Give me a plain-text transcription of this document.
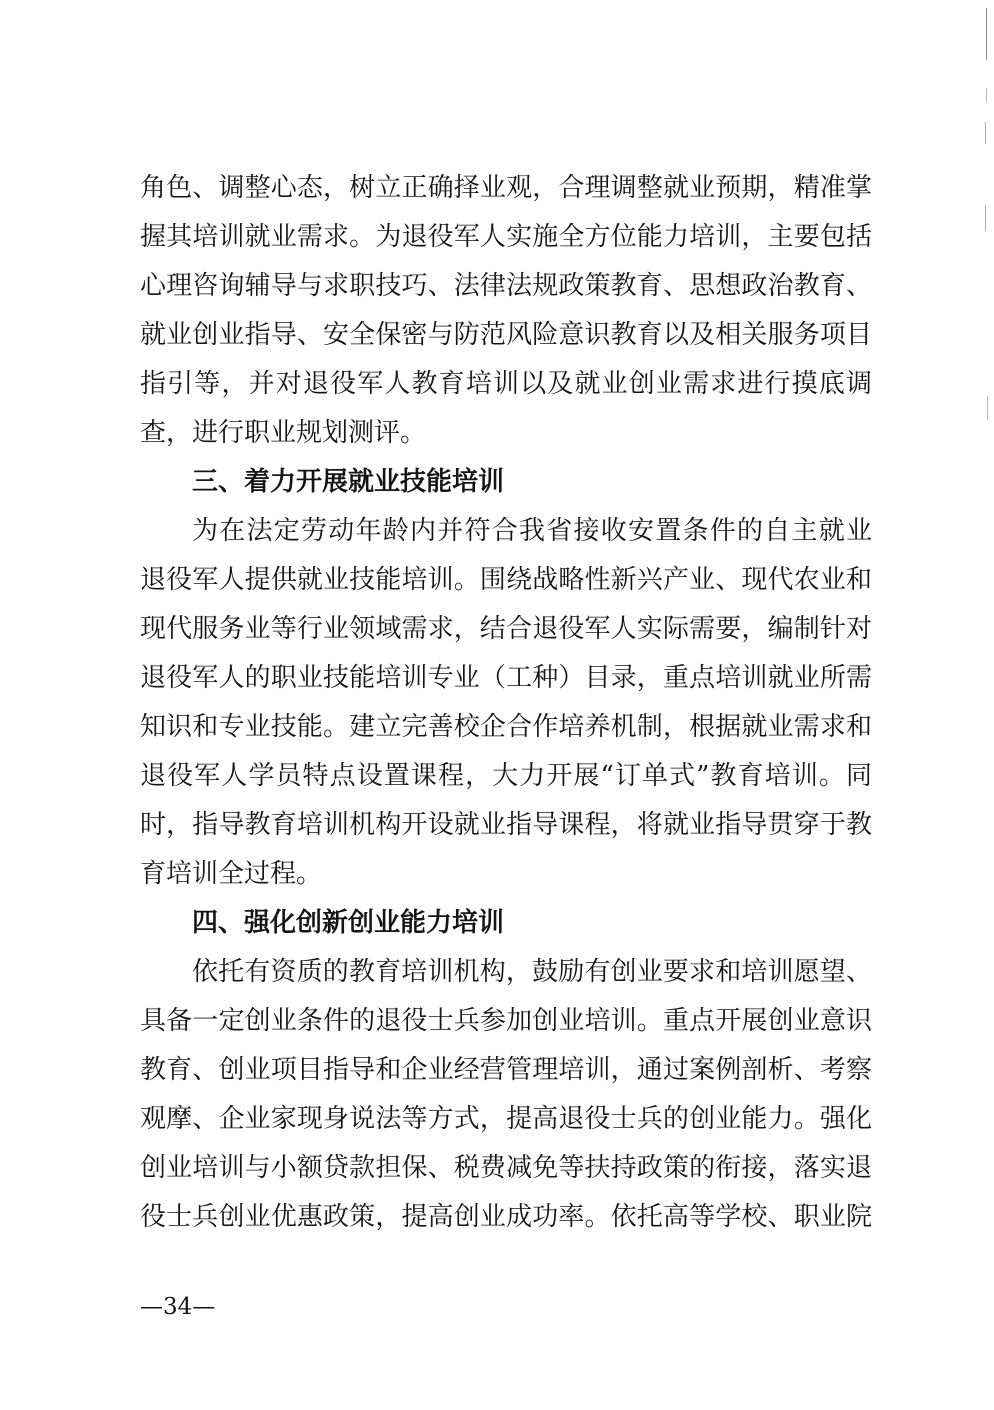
角色、调整心态，树立正确择业观，合理调整就业预期，精准掌
握其培训就业需求。为退役军人实施全方位能力培训，主要包括
心理咨询辅导与求职技巧、法律法规政策教育、思想政治教育、
就业创业指导、安全保密与防范风险意识教育以及相关服务项目
指引等，并对退役军人教育培训以及就业创业需求进行摸底调
查，进行职业规划测评。
三、着力开展就业技能培训
为在法定劳动年龄内并符合我省接收安置条件的自主就业
退役军人提供就业技能培训。围绕战略性新兴产业、现代农业和
现代服务业等行业领域需求，结合退役军人实际需要，编制针对
退役军人的职业技能培训专业（工种）目录，重点培训就业所需
知识和专业技能。建立完善校企合作培养机制，根据就业需求和
退役军人学员特点设置课程，大力开展“订单式”教育培训。同
时，指导教育培训机构开设就业指导课程，将就业指导贯穿于教
育培训全过程。
四、强化创新创业能力培训
依托有资质的教育培训机构，鼓励有创业要求和培训愿望、
具备一定创业条件的退役士兵参加创业培训。重点开展创业意识
教育、创业项目指导和企业经营管理培训，通过案例剖析、考察
观摩、企业家现身说法等方式，提高退役士兵的创业能力。强化
创业培训与小额贷款担保、税费减免等扶持政策的衔接，落实退
役士兵创业优惠政策，提高创业成功率。依托高等学校、职业院
—34—
